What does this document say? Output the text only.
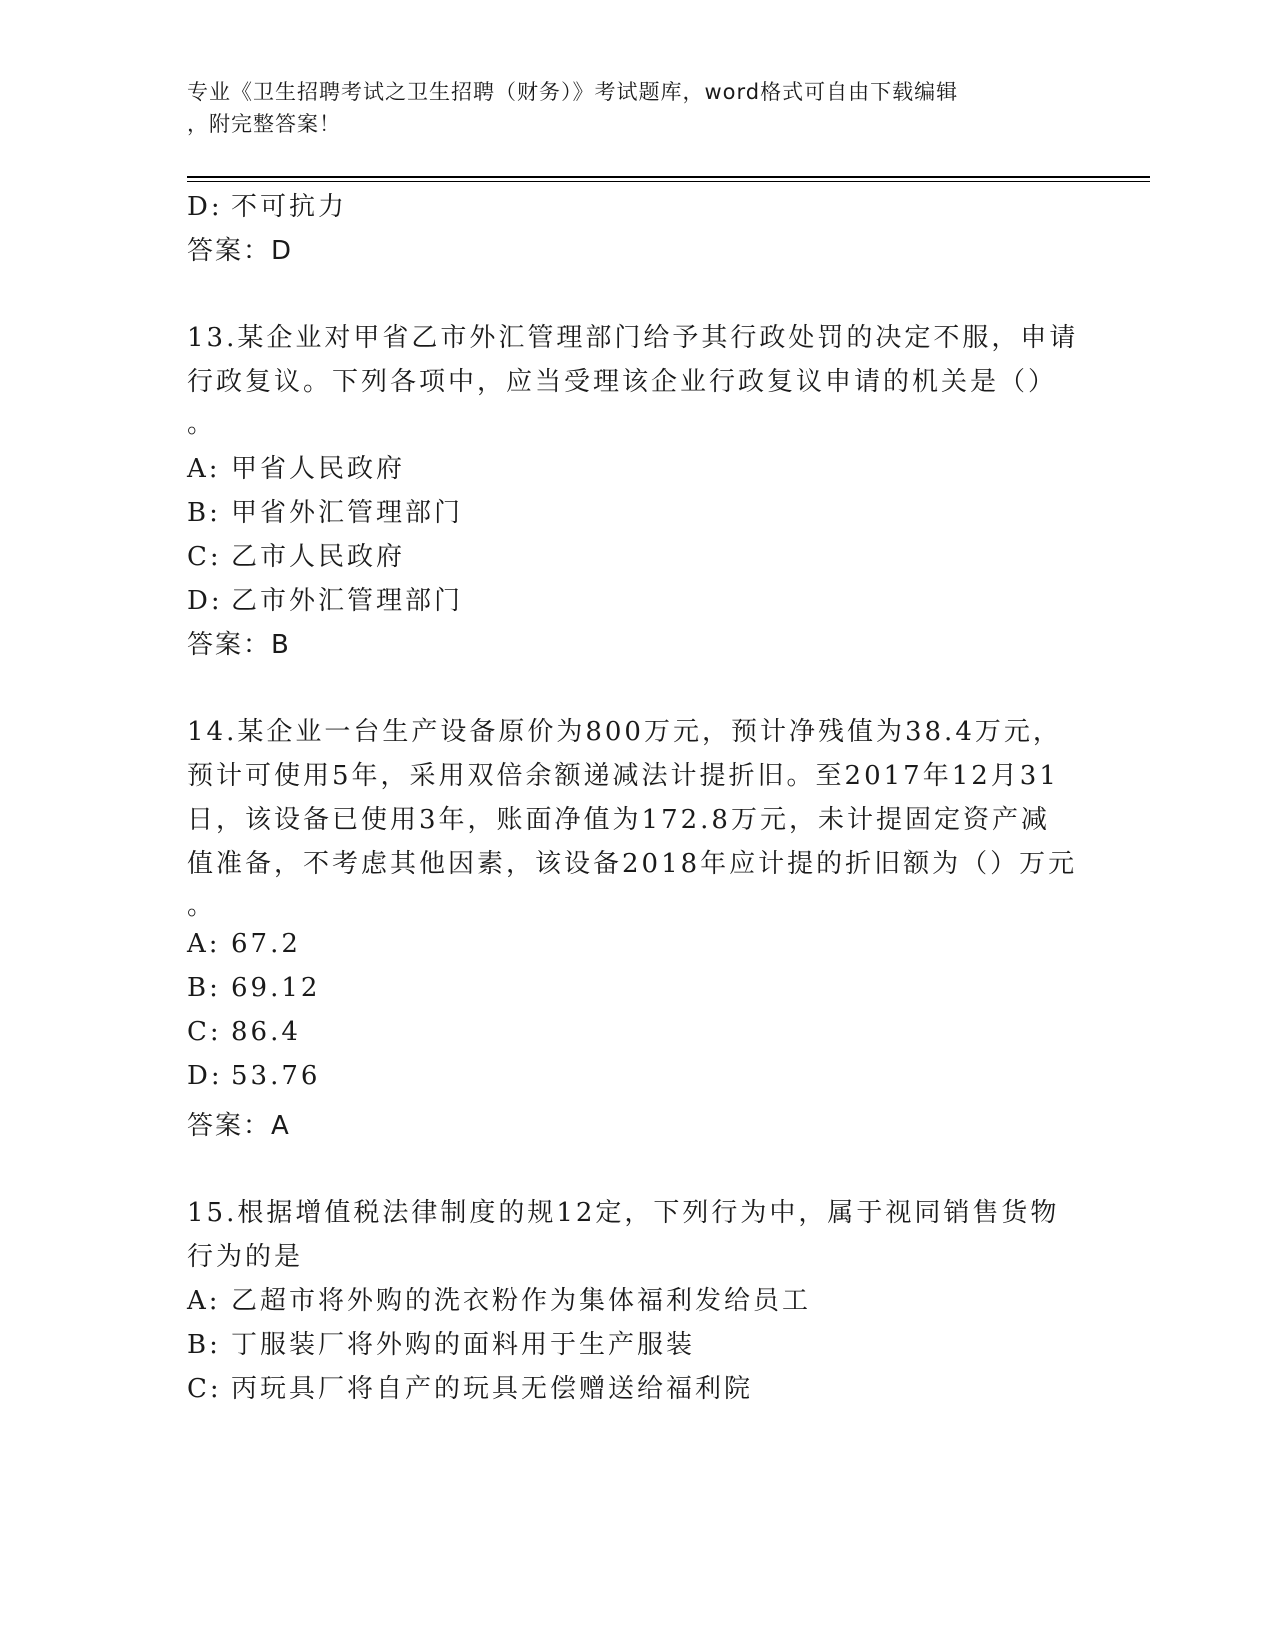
专业《卫生招聘考试之卫生招聘（财务）》考试题库，word格式可自由下载编辑
，附完整答案！
D: 不可抗力
答案：D
13.某企业对甲省乙市外汇管理部门给予其行政处罚的决定不服，申请
行政复议。下列各项中，应当受理该企业行政复议申请的机关是（）
。
A: 甲省人民政府
B: 甲省外汇管理部门
C: 乙市人民政府
D: 乙市外汇管理部门
答案：B
14.某企业一台生产设备原价为800万元，预计净残值为38.4万元，
预计可使用5年，采用双倍余额递减法计提折旧。至2017年12月31
日，该设备已使用3年，账面净值为172.8万元，未计提固定资产减
值准备，不考虑其他因素，该设备2018年应计提的折旧额为（）万元
。
A: 67.2
B: 69.12
C: 86.4
D: 53.76
答案：A
15.根据增值税法律制度的规12定，下列行为中，属于视同销售货物
行为的是
A: 乙超市将外购的洗衣粉作为集体福利发给员工
B: 丁服装厂将外购的面料用于生产服装
C: 丙玩具厂将自产的玩具无偿赠送给福利院
